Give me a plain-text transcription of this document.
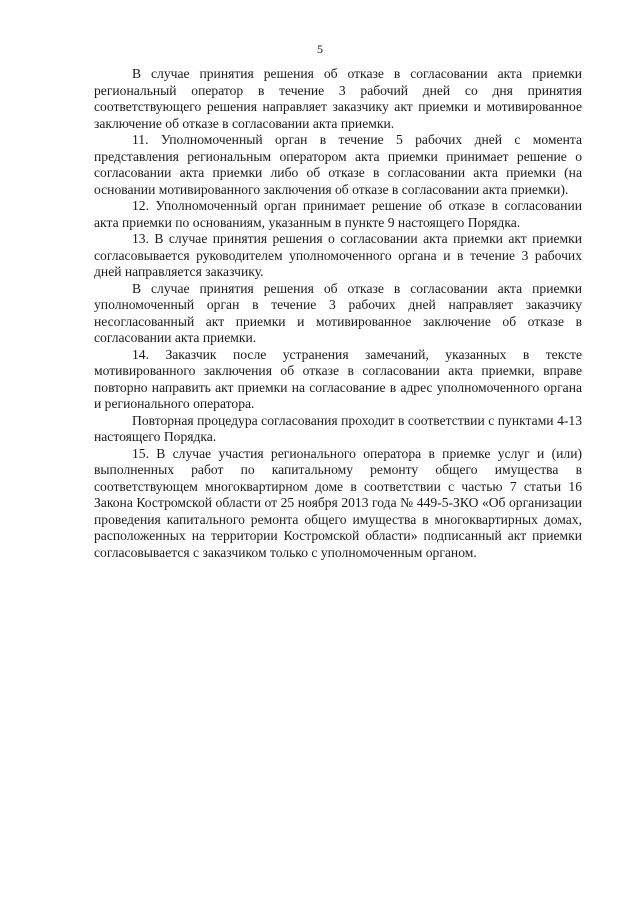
5

В случае принятия решения об отказе в согласовании акта приемки региональный оператор в течение 3 рабочий дней со дня принятия соответствующего решения направляет заказчику акт приемки и мотивированное заключение об отказе в согласовании акта приемки.

11. Уполномоченный орган в течение 5 рабочих дней с момента представления региональным оператором акта приемки принимает решение о согласовании акта приемки либо об отказе в согласовании акта приемки (на основании мотивированного заключения об отказе в согласовании акта приемки).

12. Уполномоченный орган принимает решение об отказе в согласовании акта приемки по основаниям, указанным в пункте 9 настоящего Порядка.

13. В случае принятия решения о согласовании акта приемки акт приемки согласовывается руководителем уполномоченного органа и в течение 3 рабочих дней направляется заказчику.

В случае принятия решения об отказе в согласовании акта приемки уполномоченный орган в течение 3 рабочих дней направляет заказчику несогласованный акт приемки и мотивированное заключение об отказе в согласовании акта приемки.

14. Заказчик после устранения замечаний, указанных в тексте мотивированного заключения об отказе в согласовании акта приемки, вправе повторно направить акт приемки на согласование в адрес уполномоченного органа и регионального оператора.

Повторная процедура согласования проходит в соответствии с пунктами 4-13 настоящего Порядка.

15. В случае участия регионального оператора в приемке услуг и (или) выполненных работ по капитальному ремонту общего имущества в соответствующем многоквартирном доме в соответствии с частью 7 статьи 16 Закона Костромской области от 25 ноября 2013 года № 449-5-ЗКО «Об организации проведения капитального ремонта общего имущества в многоквартирных домах, расположенных на территории Костромской области» подписанный акт приемки согласовывается с заказчиком только с уполномоченным органом.
